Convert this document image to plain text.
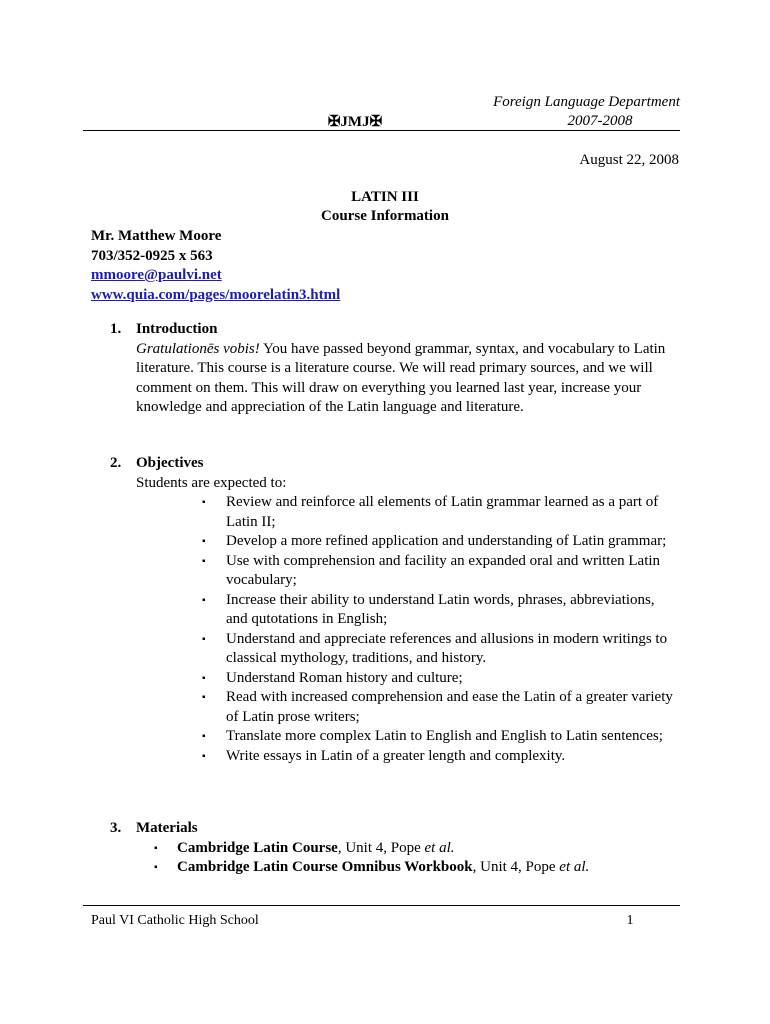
Foreign Language Department

2007-2008
✠JMJ✠
August 22, 2008
LATIN III
Course Information
Mr. Matthew Moore
703/352-0925 x 563
mmoore@paulvi.net
www.quia.com/pages/moorelatin3.html
1. Introduction
Gratulationēs vobis! You have passed beyond grammar, syntax, and vocabulary to Latin literature. This course is a literature course. We will read primary sources, and we will comment on them. This will draw on everything you learned last year, increase your knowledge and appreciation of the Latin language and literature.
2. Objectives
Students are expected to:
▪ Review and reinforce all elements of Latin grammar learned as a part of Latin II;
▪ Develop a more refined application and understanding of Latin grammar;
▪ Use with comprehension and facility an expanded oral and written Latin vocabulary;
▪ Increase their ability to understand Latin words, phrases, abbreviations, and qutotations in English;
▪ Understand and appreciate references and allusions in modern writings to classical mythology, traditions, and history.
▪ Understand Roman history and culture;
▪ Read with increased comprehension and ease the Latin of a greater variety of Latin prose writers;
▪ Translate more complex Latin to English and English to Latin sentences;
▪ Write essays in Latin of a greater length and complexity.
3. Materials
▪ Cambridge Latin Course, Unit 4, Pope et al.
▪ Cambridge Latin Course Omnibus Workbook, Unit 4, Pope et al.
Paul VI Catholic High School	1
